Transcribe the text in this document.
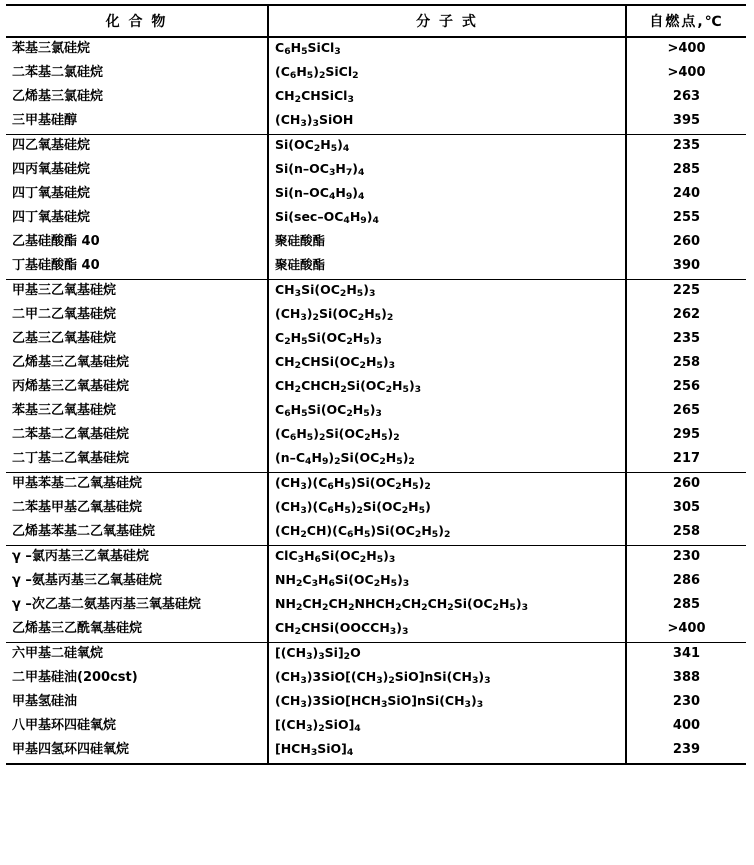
化 合 物	分 子 式	自燃点,℃
苯基三氯硅烷	$C_6H_5SiCl_3$	>400
二苯基二氯硅烷	$(C_6H_5)_2SiCl_2$	>400
乙烯基三氯硅烷	$CH_2CHSiCl_3$	263
三甲基硅醇	$(CH_3)_3SiOH$	395
四乙氧基硅烷	$Si(OC_2H_5)_4$	235
四丙氧基硅烷	$Si(n-OC_3H_7)_4$	285
四丁氧基硅烷	$Si(n-OC_4H_9)_4$	240
四丁氧基硅烷	$Si(\sec-OC_4H_9)_4$	255
乙基硅酸酯 40	聚硅酸酯	260
丁基硅酸酯 40	聚硅酸酯	390
甲基三乙氧基硅烷	$CH_3Si(OC_2H_5)_3$	225
二甲二乙氧基硅烷	$(CH_3)_2Si(OC_2H_5)_2$	262
乙基三乙氧基硅烷	$C_2H_5Si(OC_2H_5)_3$	235
乙烯基三乙氧基硅烷	$CH_2CHSi(OC_2H_5)_3$	258
丙烯基三乙氧基硅烷	$CH_2CHCH_2Si(OC_2H_5)_3$	256
苯基三乙氧基硅烷	$C_6H_5Si(OC_2H_5)_3$	265
二苯基二乙氧基硅烷	$(C_6H_5)_2Si(OC_2H_5)_2$	295
二丁基二乙氧基硅烷	$(n-C_4H_9)_2Si(OC_2H_5)_2$	217
甲基苯基二乙氧基硅烷	$(CH_3)(C_6H_5)Si(OC_2H_5)_2$	260
二苯基甲基乙氧基硅烷	$(CH_3)(C_6H_5)_2Si(OC_2H_5)$	305
乙烯基苯基二乙氧基硅烷	$(CH_2CH)(C_6H_5)Si(OC_2H_5)_2$	258
γ –氯丙基三乙氧基硅烷	$ClC_3H_6Si(OC_2H_5)_3$	230
γ –氨基丙基三乙氧基硅烷	$NH_2C_3H_6Si(OC_2H_5)_3$	286
γ –次乙基二氨基丙基三氧基硅烷	$NH_2CH_2CH_2NHCH_2CH_2CH_2Si(OC_2H_5)_3$	285
乙烯基三乙酰氧基硅烷	$CH_2CHSi(OOCCH_3)_3$	>400
六甲基二硅氧烷	$[(CH_3)_3Si]_2O$	341
二甲基硅油(200cst)	$(CH_3)3SiO[(CH_3)_2SiO]nSi(CH_3)_3$	388
甲基氢硅油	$(CH_3)3SiO[HCH_3SiO]nSi(CH_3)_3$	230
八甲基环四硅氧烷	$[(CH_3)_2SiO]_4$	400
甲基四氢环四硅氧烷	$[HCH_3SiO]_4$	239
